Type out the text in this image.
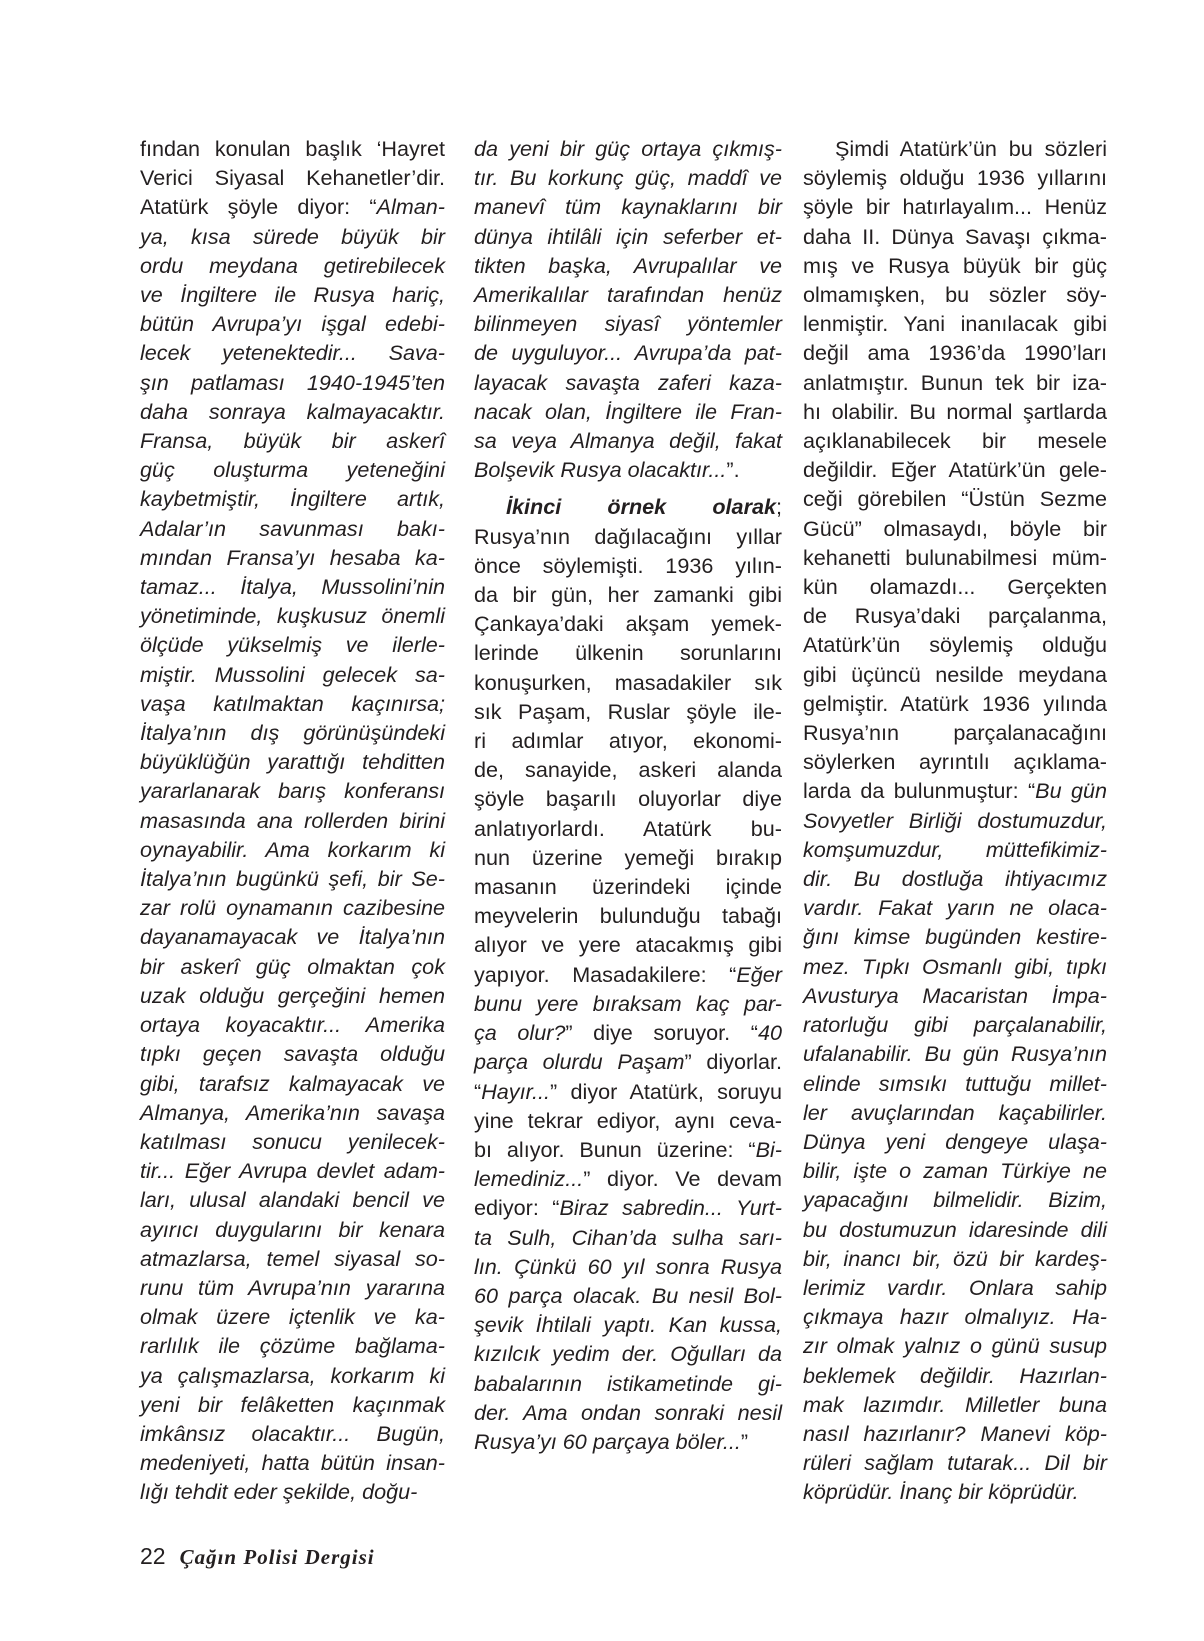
fından konulan başlık ‘Hayret
Verici Siyasal Kehanetler’dir.
Atatürk şöyle diyor: “Alman-
ya, kısa sürede büyük bir
ordu meydana getirebilecek
ve İngiltere ile Rusya hariç,
bütün Avrupa’yı işgal edebi-
lecek yetenektedir... Sava-
şın patlaması 1940-1945’ten
daha sonraya kalmayacaktır.
Fransa, büyük bir askerî
güç oluşturma yeteneğini
kaybetmiştir, İngiltere artık,
Adalar’ın savunması bakı-
mından Fransa’yı hesaba ka-
tamaz... İtalya, Mussolini’nin
yönetiminde, kuşkusuz önemli
ölçüde yükselmiş ve ilerle-
miştir. Mussolini gelecek sa-
vaşa katılmaktan kaçınırsa;
İtalya’nın dış görünüşündeki
büyüklüğün yarattığı tehditten
yararlanarak barış konferansı
masasında ana rollerden birini
oynayabilir. Ama korkarım ki
İtalya’nın bugünkü şefi, bir Se-
zar rolü oynamanın cazibesine
dayanamayacak ve İtalya’nın
bir askerî güç olmaktan çok
uzak olduğu gerçeğini hemen
ortaya koyacaktır... Amerika
tıpkı geçen savaşta olduğu
gibi, tarafsız kalmayacak ve
Almanya, Amerika’nın savaşa
katılması sonucu yenilecek-
tir... Eğer Avrupa devlet adam-
ları, ulusal alandaki bencil ve
ayırıcı duygularını bir kenara
atmazlarsa, temel siyasal so-
runu tüm Avrupa’nın yararına
olmak üzere içtenlik ve ka-
rarlılık ile çözüme bağlama-
ya çalışmazlarsa, korkarım ki
yeni bir felâketten kaçınmak
imkânsız olacaktır... Bugün,
medeniyeti, hatta bütün insan-
lığı tehdit eder şekilde, doğu-
da yeni bir güç ortaya çıkmış-
tır. Bu korkunç güç, maddî ve
manevî tüm kaynaklarını bir
dünya ihtilâli için seferber et-
tikten başka, Avrupalılar ve
Amerikalılar tarafından henüz
bilinmeyen siyasî yöntemler
de uyguluyor... Avrupa’da pat-
layacak savaşta zaferi kaza-
nacak olan, İngiltere ile Fran-
sa veya Almanya değil, fakat
Bolşevik Rusya olacaktır...”.
İkinci örnek olarak;
Rusya’nın dağılacağını yıllar
önce söylemişti. 1936 yılın-
da bir gün, her zamanki gibi
Çankaya’daki akşam yemek-
lerinde ülkenin sorunlarını
konuşurken, masadakiler sık
sık Paşam, Ruslar şöyle ile-
ri adımlar atıyor, ekonomi-
de, sanayide, askeri alanda
şöyle başarılı oluyorlar diye
anlatıyorlardı. Atatürk bu-
nun üzerine yemeği bırakıp
masanın üzerindeki içinde
meyvelerin bulunduğu tabağı
alıyor ve yere atacakmış gibi
yapıyor. Masadakilere: “Eğer
bunu yere bıraksam kaç par-
ça olur?” diye soruyor. “40
parça olurdu Paşam” diyorlar.
“Hayır...” diyor Atatürk, soruyu
yine tekrar ediyor, aynı ceva-
bı alıyor. Bunun üzerine: “Bi-
lemediniz...” diyor. Ve devam
ediyor: “Biraz sabredin... Yurt-
ta Sulh, Cihan’da sulha sarı-
lın. Çünkü 60 yıl sonra Rusya
60 parça olacak. Bu nesil Bol-
şevik İhtilali yaptı. Kan kussa,
kızılcık yedim der. Oğulları da
babalarının istikametinde gi-
der. Ama ondan sonraki nesil
Rusya’yı 60 parçaya böler...”
Şimdi Atatürk’ün bu sözleri
söylemiş olduğu 1936 yıllarını
şöyle bir hatırlayalım... Henüz
daha II. Dünya Savaşı çıkma-
mış ve Rusya büyük bir güç
olmamışken, bu sözler söy-
lenmiştir. Yani inanılacak gibi
değil ama 1936’da 1990’ları
anlatmıştır. Bunun tek bir iza-
hı olabilir. Bu normal şartlarda
açıklanabilecek bir mesele
değildir. Eğer Atatürk’ün gele-
ceği görebilen “Üstün Sezme
Gücü” olmasaydı, böyle bir
kehanetti bulunabilmesi müm-
kün olamazdı... Gerçekten
de Rusya’daki parçalanma,
Atatürk’ün söylemiş olduğu
gibi üçüncü nesilde meydana
gelmiştir. Atatürk 1936 yılında
Rusya’nın parçalanacağını
söylerken ayrıntılı açıklama-
larda da bulunmuştur: “Bu gün
Sovyetler Birliği dostumuzdur,
komşumuzdur, müttefikimiz-
dir. Bu dostluğa ihtiyacımız
vardır. Fakat yarın ne olaca-
ğını kimse bugünden kestire-
mez. Tıpkı Osmanlı gibi, tıpkı
Avusturya Macaristan İmpa-
ratorluğu gibi parçalanabilir,
ufalanabilir. Bu gün Rusya’nın
elinde sımsıkı tuttuğu millet-
ler avuçlarından kaçabilirler.
Dünya yeni dengeye ulaşa-
bilir, işte o zaman Türkiye ne
yapacağını bilmelidir. Bizim,
bu dostumuzun idaresinde dili
bir, inancı bir, özü bir kardeş-
lerimiz vardır. Onlara sahip
çıkmaya hazır olmalıyız. Ha-
zır olmak yalnız o günü susup
beklemek değildir. Hazırlan-
mak lazımdır. Milletler buna
nasıl hazırlanır? Manevi köp-
rüleri sağlam tutarak... Dil bir
köprüdür. İnanç bir köprüdür.
22 Çağın Polisi Dergisi
